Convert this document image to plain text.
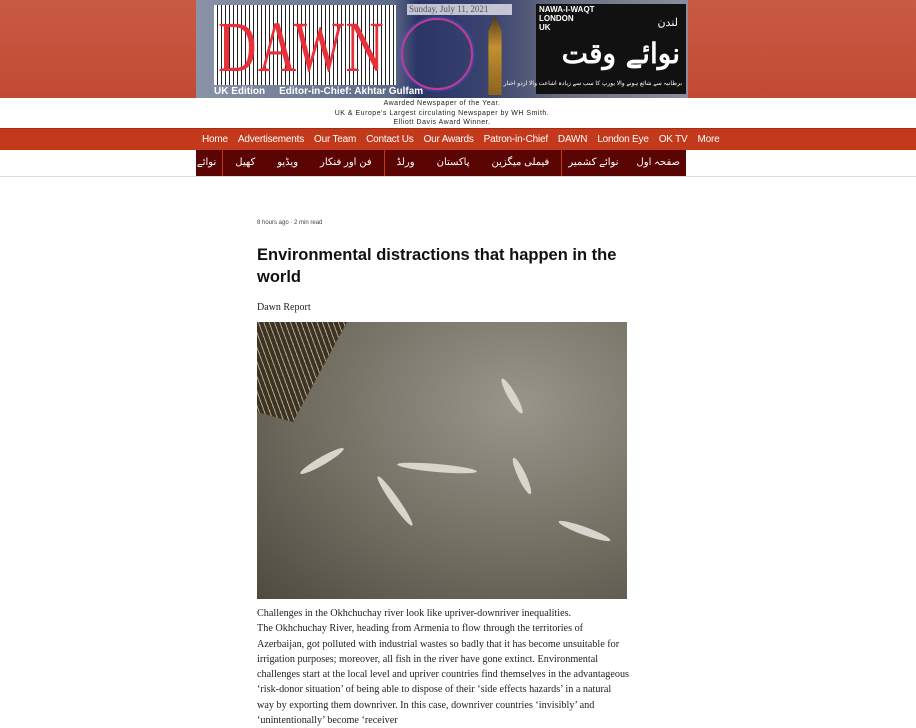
DAWN
UK Edition Editor-in-Chief: Akhtar Gulfam
Sunday, July 11, 2021	NAWA-I-WAQT
LONDON
UK	لندن
نوائے وقت
برطانیہ سے شائع ہونے والا یورپ کا سب سے زیادہ اشاعت والا اردو اخبار
Awarded Newspaper of the Year.
UK & Europe's Largest circulating Newspaper by WH Smith.
Elliott Davis Award Winner.
Home Advertisements Our Team Contact Us Our Awards Patron-in-Chief DAWN London Eye OK TV More
صفحہ اول
نوائے کشمیر
فیملی میگزین
پاکستان
ورلڈ
فن اور فنکار
ویڈیو
کھیل
نوائے وقت گیلری
ای پیپر
8 hours ago · 2 min read
Environmental distractions that happen in the world
Dawn Report
Challenges in the Okhchuchay river look like upriver-downriver inequalities.
The Okhchuchay River, heading from Armenia to flow through the territories of Azerbaijan, got polluted with industrial wastes so badly that it has become unsuitable for irrigation purposes; moreover, all fish in the river have gone extinct. Environmental challenges start at the local level and upriver countries find themselves in the advantageous ‘risk-donor situation’ of being able to dispose of their ‘side effects hazards’ in a natural way by exporting them downriver. In this case, downriver countries ‘invisibly’ and ‘unintentionally’ become ‘receiver
